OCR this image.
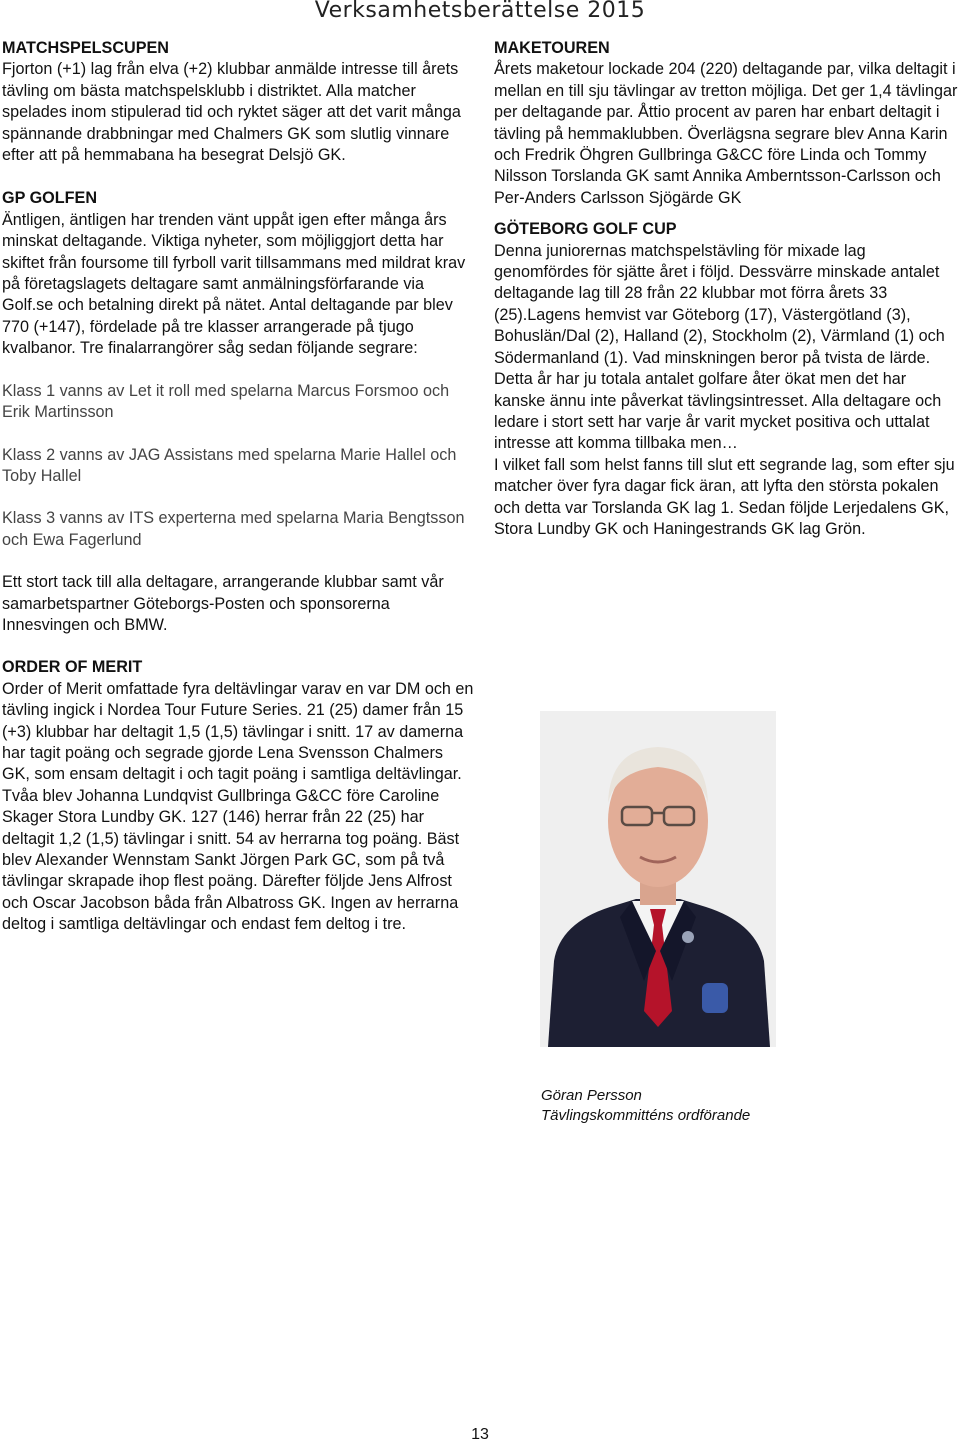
Verksamhetsberättelse 2015
MATCHSPELSCUPEN
Fjorton (+1) lag från elva (+2) klubbar anmälde intresse till årets tävling om bästa matchspelsklubb i distriktet. Alla matcher spelades inom stipulerad tid och ryktet säger att det varit många spännande drabbningar med Chalmers GK som slutlig vinnare efter att på hemmabana ha besegrat Delsjö GK.
GP GOLFEN
Äntligen, äntligen har trenden vänt uppåt igen efter många års minskat deltagande. Viktiga nyheter, som möjliggjort detta har skiftet från foursome till fyrboll varit tillsammans med mildrat krav på företagslagets deltagare samt anmälningsförfarande via Golf.se och betalning direkt på nätet. Antal deltagande par blev 770 (+147), fördelade på tre klasser arrangerade på tjugo kvalbanor. Tre finalarrangörer såg sedan följande segrare:
Klass 1 vanns av Let it roll med spelarna Marcus Forsmoo och Erik Martinsson
Klass 2 vanns av JAG Assistans med spelarna Marie Hallel och Toby Hallel
Klass 3 vanns av ITS experterna med spelarna Maria Bengtsson och Ewa Fagerlund
Ett stort tack till alla deltagare, arrangerande klubbar samt vår samarbetspartner Göteborgs-Posten och sponsorerna Innesvingen och BMW.
ORDER OF MERIT
Order of Merit omfattade fyra deltävlingar varav en var DM och en tävling ingick i Nordea Tour Future Series. 21 (25) damer från 15 (+3) klubbar har deltagit 1,5 (1,5) tävlingar i snitt. 17 av damerna har tagit poäng och segrade gjorde Lena Svensson Chalmers GK, som ensam deltagit i och tagit poäng i samtliga deltävlingar. Tvåa blev Johanna Lundqvist Gullbringa G&CC före Caroline Skager Stora Lundby GK. 127 (146) herrar från 22 (25) har deltagit 1,2 (1,5) tävlingar i snitt. 54 av herrarna tog poäng. Bäst blev Alexander Wennstam Sankt Jörgen Park GC, som på två tävlingar skrapade ihop flest poäng. Därefter följde Jens Alfrost och Oscar Jacobson båda från Albatross GK. Ingen av herrarna deltog i samtliga deltävlingar och endast fem deltog i tre.
MAKETOUREN
Årets maketour lockade 204 (220) deltagande par, vilka deltagit i mellan en till sju tävlingar av tretton möjliga. Det ger 1,4 tävlingar per deltagande par. Åttio procent av paren har enbart deltagit i tävling på hemmaklubben. Överlägsna segrare blev Anna Karin och Fredrik Öhgren Gullbringa G&CC före Linda och Tommy Nilsson Torslanda GK samt Annika Amberntsson-Carlsson och Per-Anders Carlsson Sjögärde GK
GÖTEBORG GOLF CUP
Denna juniorernas matchspelstävling för mixade lag genomfördes för sjätte året i följd. Dessvärre minskade antalet deltagande lag till 28 från 22 klubbar mot förra årets 33 (25).Lagens hemvist var Göteborg (17), Västergötland (3), Bohuslän/Dal (2), Halland (2), Stockholm (2), Värmland (1) och Södermanland (1). Vad minskningen beror på tvista de lärde. Detta år har ju totala antalet golfare åter ökat men det har kanske ännu inte påverkat tävlingsintresset. Alla deltagare och ledare i stort sett har varje år varit mycket positiva och uttalat intresse att komma tillbaka men…
I vilket fall som helst fanns till slut ett segrande lag, som efter sju matcher över fyra dagar fick äran, att lyfta den största pokalen och detta var Torslanda GK lag 1. Sedan följde Lerjedalens GK, Stora Lundby GK och Haningestrands GK lag Grön.
Göran Persson
Tävlingskommitténs ordförande
13
